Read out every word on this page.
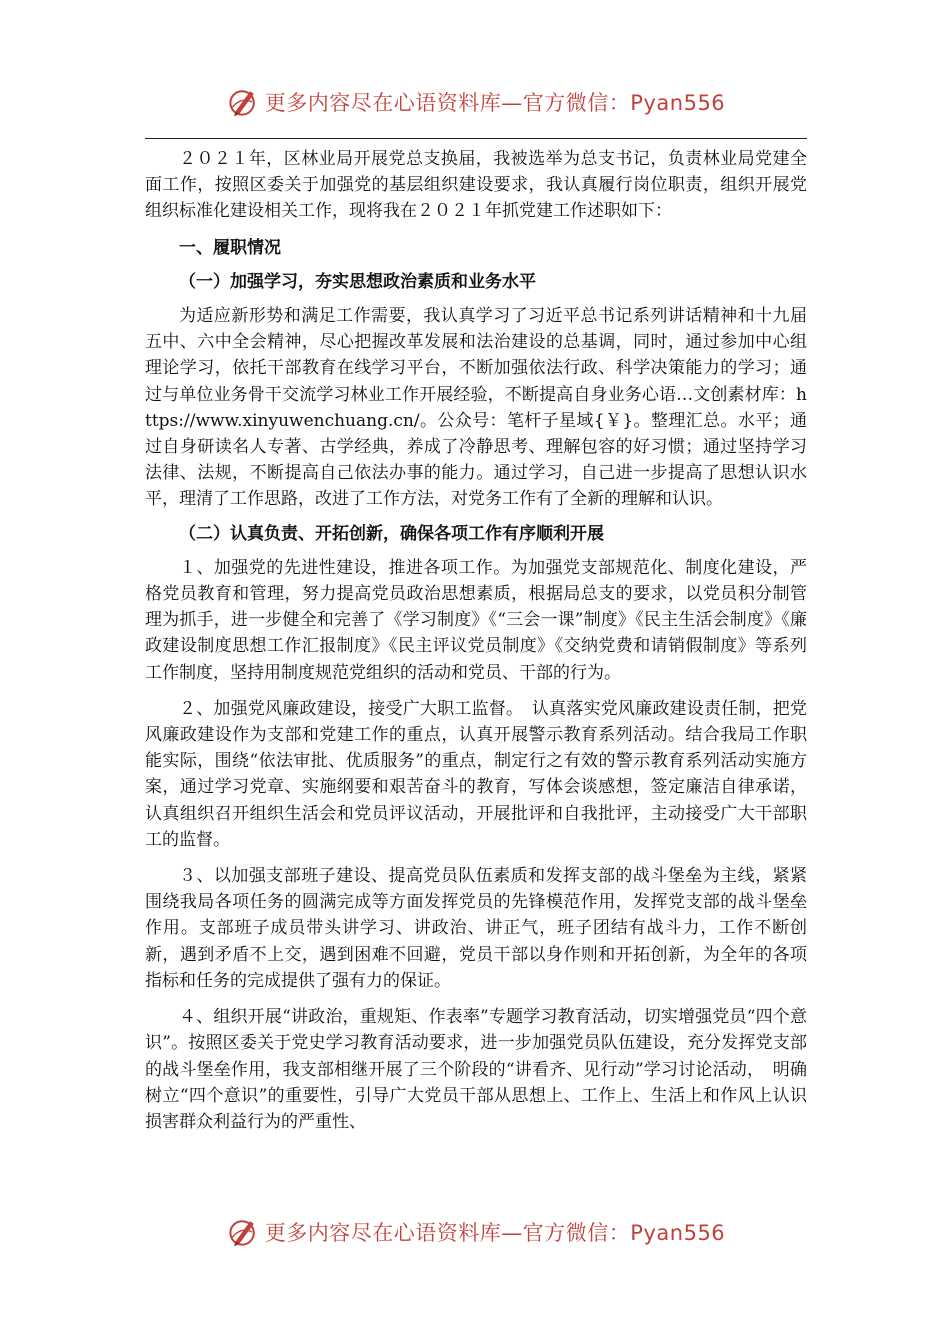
更多内容尽在心语资料库—官方微信：Pyan556

２０２１年，区林业局开展党总支换届，我被选举为总支书记，负责林业局党建全面工作，按照区委关于加强党的基层组织建设要求，我认真履行岗位职责，组织开展党组织标准化建设相关工作，现将我在２０２１年抓党建工作述职如下：

一、履职情况

（一）加强学习，夯实思想政治素质和业务水平

为适应新形势和满足工作需要，我认真学习了习近平总书记系列讲话精神和十九届五中、六中全会精神，尽心把握改革发展和法治建设的总基调，同时，通过参加中心组理论学习，依托干部教育在线学习平台，不断加强依法行政、科学决策能力的学习；通过与单位业务骨干交流学习林业工作开展经验，不断提高自身业务心语…文创素材库：https://www.xinyuwenchuang.cn/。公众号：笔杆子星域{￥}。整理汇总。水平；通过自身研读名人专著、古学经典，养成了冷静思考、理解包容的好习惯；通过坚持学习法律、法规，不断提高自己依法办事的能力。通过学习，自己进一步提高了思想认识水平，理清了工作思路，改进了工作方法，对党务工作有了全新的理解和认识。

（二）认真负责、开拓创新，确保各项工作有序顺利开展

１、加强党的先进性建设，推进各项工作。为加强党支部规范化、制度化建设，严格党员教育和管理，努力提高党员政治思想素质，根据局总支的要求，以党员积分制管理为抓手，进一步健全和完善了《学习制度》《“三会一课”制度》《民主生活会制度》《廉政建设制度思想工作汇报制度》《民主评议党员制度》《交纳党费和请销假制度》等系列工作制度，坚持用制度规范党组织的活动和党员、干部的行为。

２、加强党风廉政建设，接受广大职工监督。　认真落实党风廉政建设责任制，把党风廉政建设作为支部和党建工作的重点，认真开展警示教育系列活动。结合我局工作职能实际，围绕“依法审批、优质服务”的重点，制定行之有效的警示教育系列活动实施方案，通过学习党章、实施纲要和艰苦奋斗的教育，写体会谈感想，签定廉洁自律承诺，认真组织召开组织生活会和党员评议活动，开展批评和自我批评，主动接受广大干部职工的监督。

３、以加强支部班子建设、提高党员队伍素质和发挥支部的战斗堡垒为主线，紧紧围绕我局各项任务的圆满完成等方面发挥党员的先锋模范作用，发挥党支部的战斗堡垒作用。支部班子成员带头讲学习、讲政治、讲正气，班子团结有战斗力，工作不断创新，遇到矛盾不上交，遇到困难不回避，党员干部以身作则和开拓创新，为全年的各项指标和任务的完成提供了强有力的保证。

４、组织开展“讲政治，重规矩、作表率”专题学习教育活动，切实增强党员“四个意识”。按照区委关于党史学习教育活动要求，进一步加强党员队伍建设，充分发挥党支部的战斗堡垒作用，我支部相继开展了三个阶段的“讲看齐、见行动”学习讨论活动，　明确树立“四个意识”的重要性，引导广大党员干部从思想上、工作上、生活上和作风上认识损害群众利益行为的严重性、

更多内容尽在心语资料库—官方微信：Pyan556
